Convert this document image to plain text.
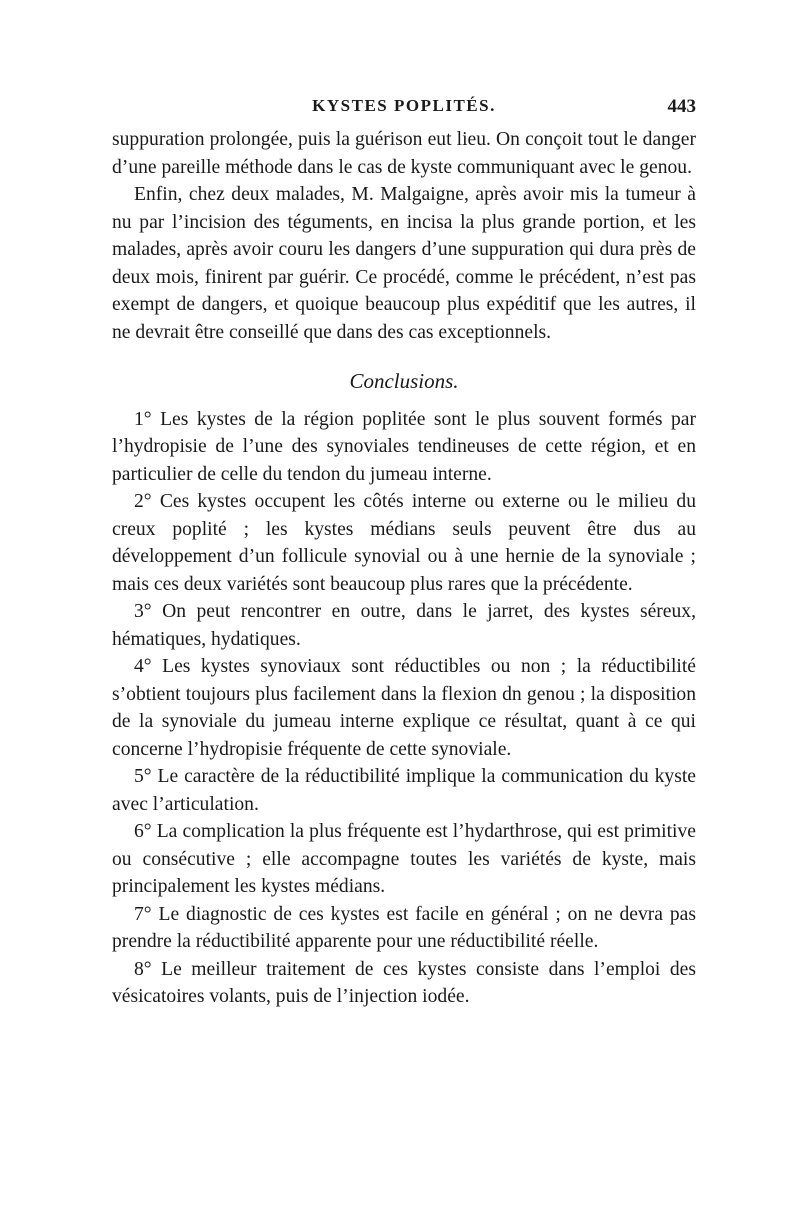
KYSTES POPLITÉS.	443

suppuration prolongée, puis la guérison eut lieu. On conçoit tout le danger d’une pareille méthode dans le cas de kyste communiquant avec le genou.

Enfin, chez deux malades, M. Malgaigne, après avoir mis la tumeur à nu par l’incision des téguments, en incisa la plus grande portion, et les malades, après avoir couru les dangers d’une suppuration qui dura près de deux mois, finirent par guérir. Ce procédé, comme le précédent, n’est pas exempt de dangers, et quoique beaucoup plus expéditif que les autres, il ne devrait être conseillé que dans des cas exceptionnels.

Conclusions.

1° Les kystes de la région poplitée sont le plus souvent formés par l’hydropisie de l’une des synoviales tendineuses de cette région, et en particulier de celle du tendon du jumeau interne.

2° Ces kystes occupent les côtés interne ou externe ou le milieu du creux poplité ; les kystes médians seuls peuvent être dus au développement d’un follicule synovial ou à une hernie de la synoviale ; mais ces deux variétés sont beaucoup plus rares que la précédente.

3° On peut rencontrer en outre, dans le jarret, des kystes séreux, hématiques, hydatiques.

4° Les kystes synoviaux sont réductibles ou non ; la réductibilité s’obtient toujours plus facilement dans la flexion dn genou ; la disposition de la synoviale du jumeau interne explique ce résultat, quant à ce qui concerne l’hydropisie fréquente de cette synoviale.

5° Le caractère de la réductibilité implique la communication du kyste avec l’articulation.

6° La complication la plus fréquente est l’hydarthrose, qui est primitive ou consécutive ; elle accompagne toutes les variétés de kyste, mais principalement les kystes médians.

7° Le diagnostic de ces kystes est facile en général ; on ne devra pas prendre la réductibilité apparente pour une réductibilité réelle.

8° Le meilleur traitement de ces kystes consiste dans l’emploi des vésicatoires volants, puis de l’injection iodée.
